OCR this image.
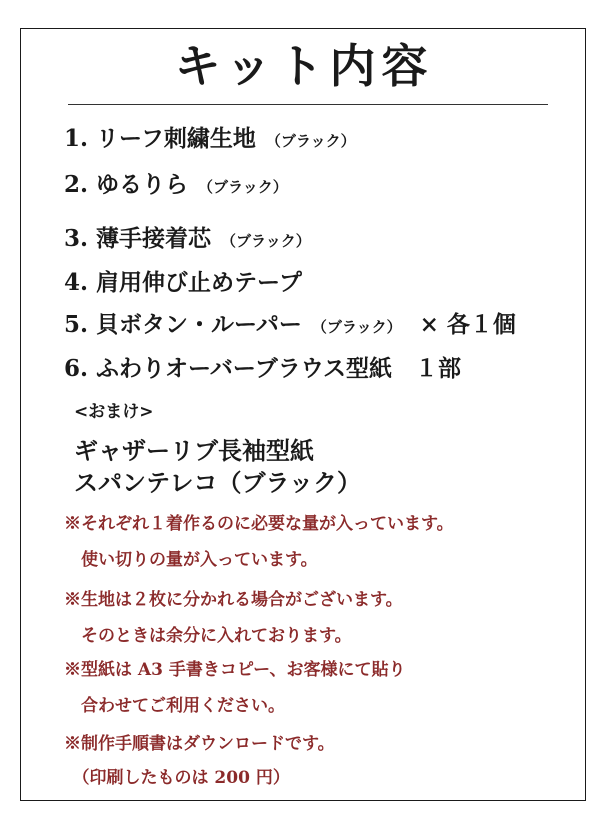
キット内容
1. リーフ刺繍生地 （ブラック）
2. ゆるりら （ブラック）
3. 薄手接着芯 （ブラック）
4. 肩用伸び止めテープ
5. 貝ボタン・ルーパー （ブラック） × 各１個
6. ふわりオーバーブラウス型紙　１部
<おまけ>
ギャザーリブ長袖型紙
スパンテレコ（ブラック）
※それぞれ１着作るのに必要な量が入っています。
　使い切りの量が入っています。
※生地は２枚に分かれる場合がございます。
　そのときは余分に入れております。
※型紙は A3 手書きコピー、お客様にて貼り
　合わせてご利用ください。
※制作手順書はダウンロードです。
　（印刷したものは 200 円）
